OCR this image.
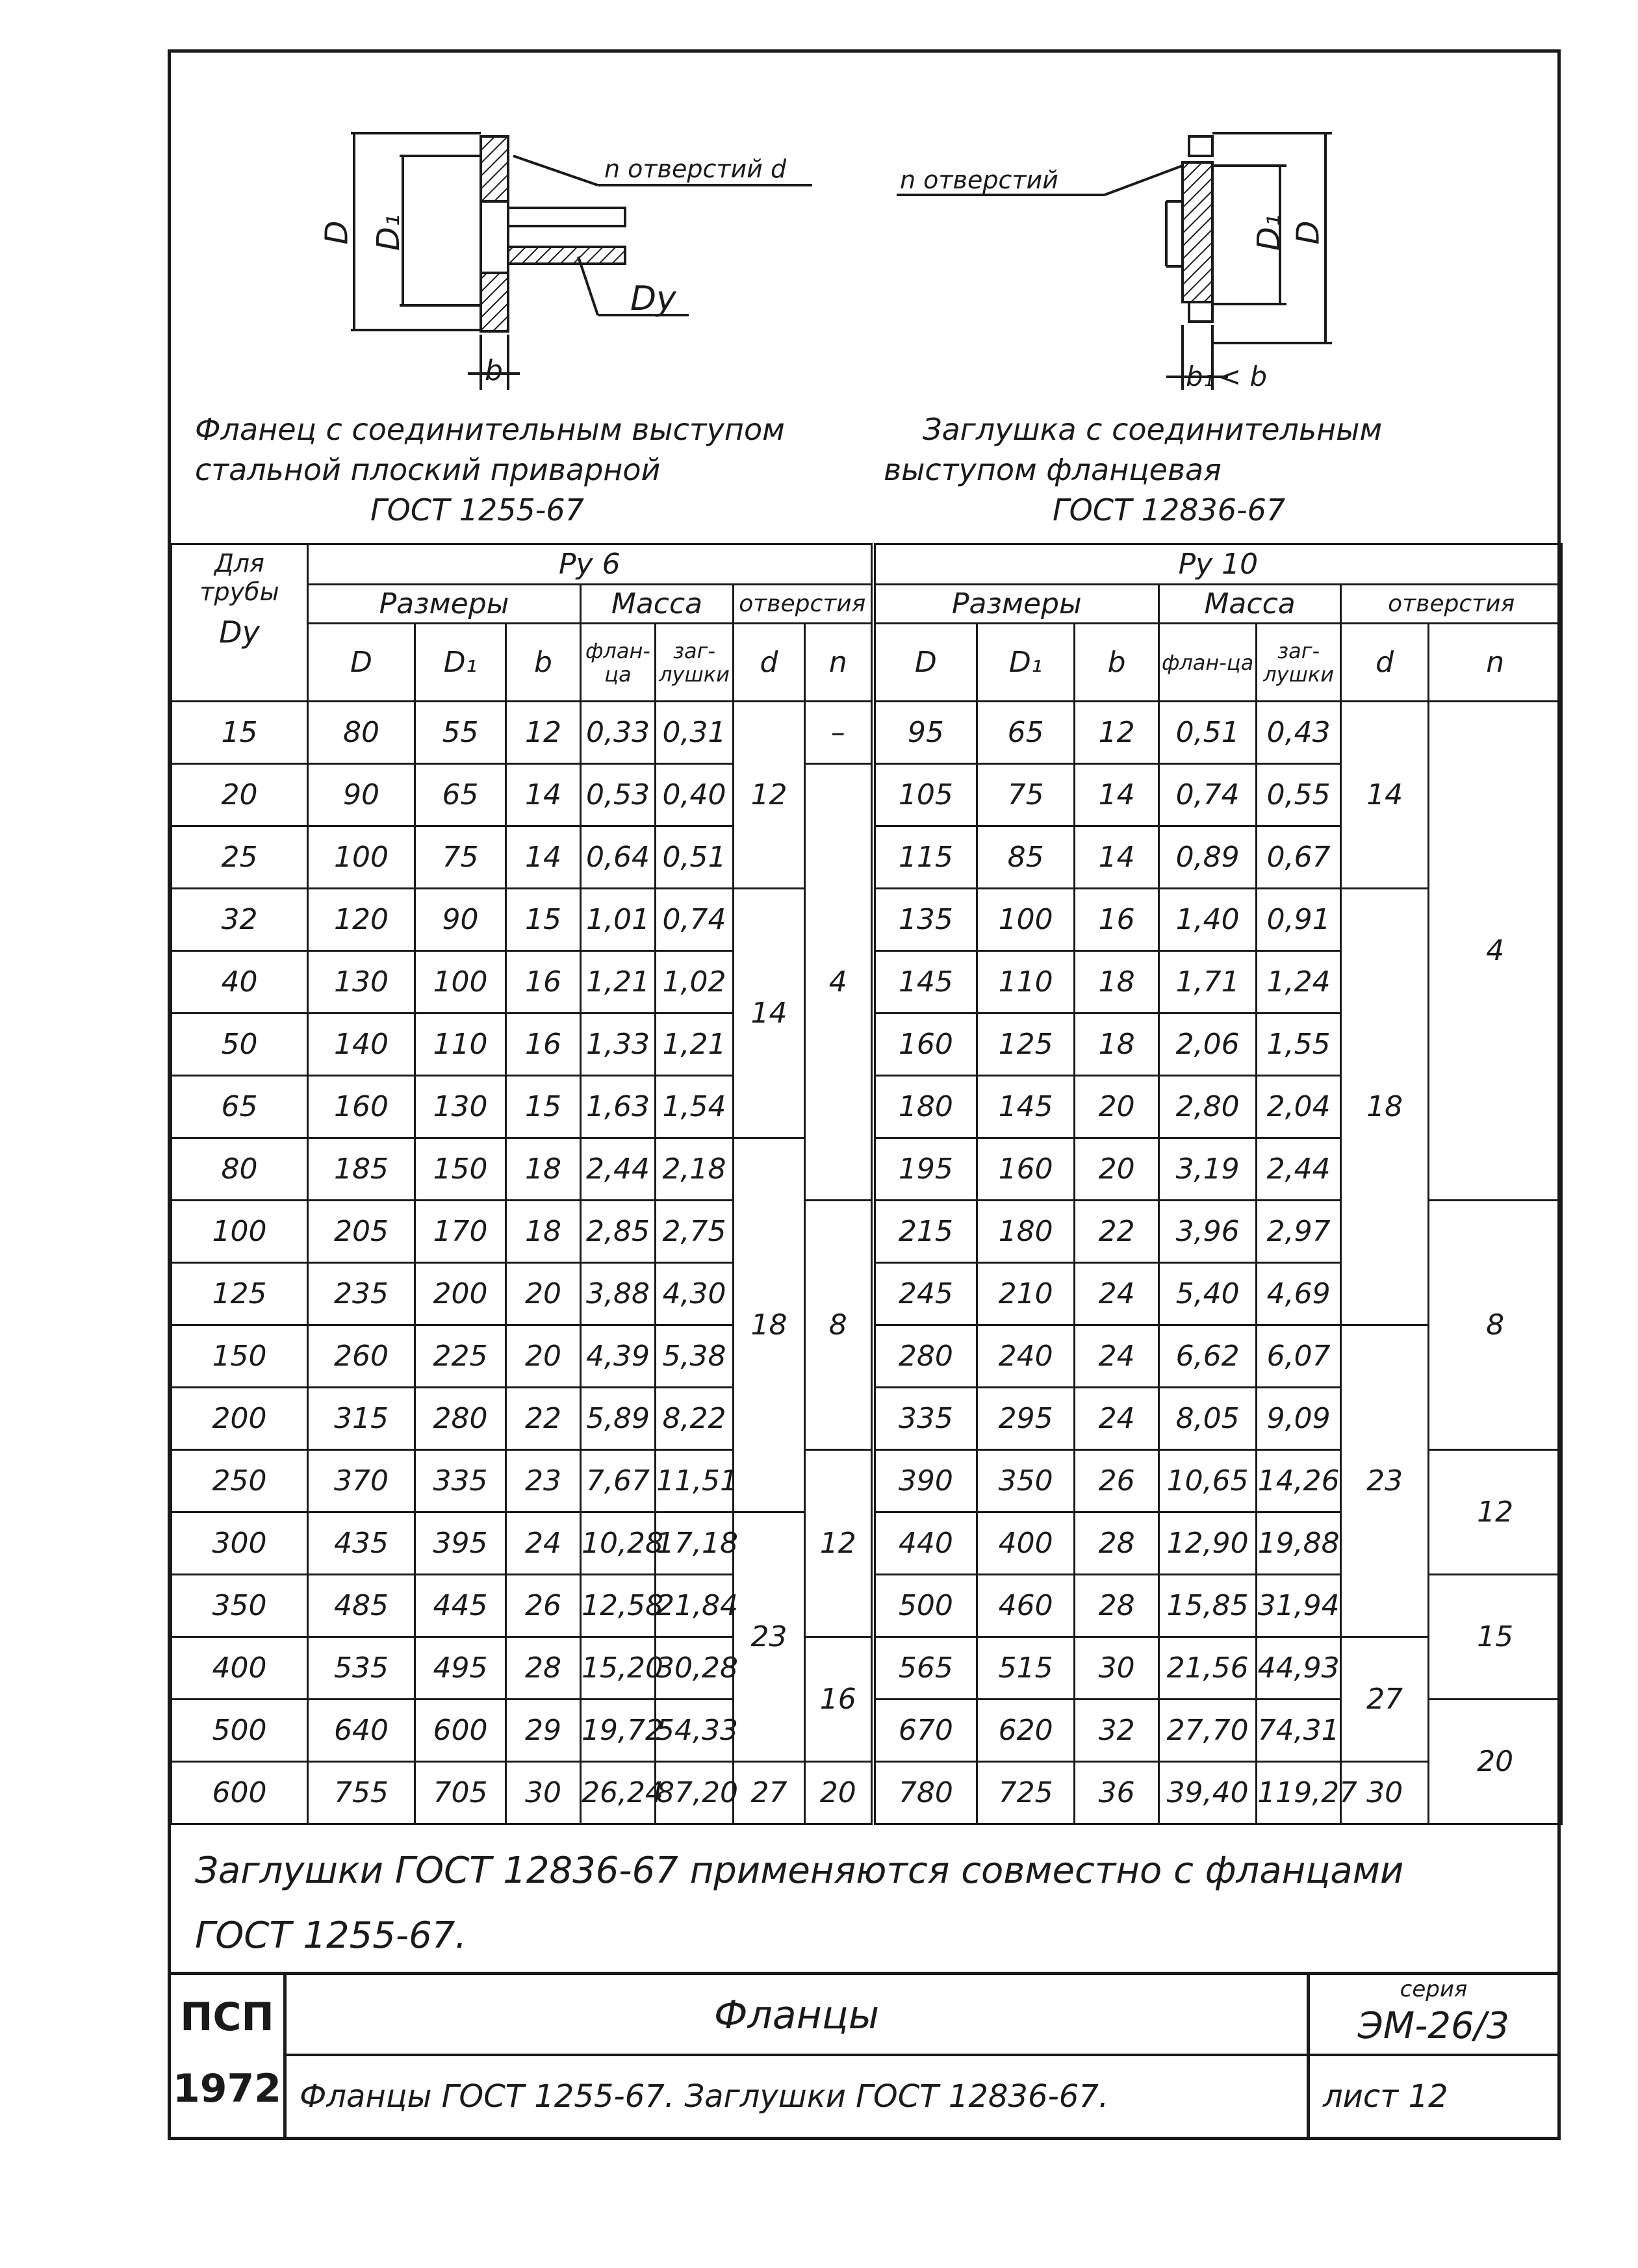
D D₁
n отверстий d
Dy
b
n отверстий
D₁ D
b₁ < b
Фланец с соединительным выступом
стальной плоский приварной
ГОСТ 1255-67
Заглушка с соединительным
выступом фланцевая
ГОСТ 12836-67
Для трубы
Dy	Pу 6							Pу 10						
	Размеры			Масса		отверстия		Размеры			Масса		отверстия	
	D	D₁	b	флан-ца	заг-лушки	d	n	D	D₁	b	флан-ца	заг-лушки	d	n
15	80	55	12	0,33	0,31	12	–	95	65	12	0,51	0,43	14	4
20	90	65	14	0,53	0,40		4	105	75	14	0,74	0,55		
25	100	75	14	0,64	0,51			115	85	14	0,89	0,67		
32	120	90	15	1,01	0,74	14		135	100	16	1,40	0,91	18	
40	130	100	16	1,21	1,02			145	110	18	1,71	1,24		
50	140	110	16	1,33	1,21			160	125	18	2,06	1,55		
65	160	130	15	1,63	1,54			180	145	20	2,80	2,04		
80	185	150	18	2,44	2,18	18		195	160	20	3,19	2,44		
100	205	170	18	2,85	2,75		8	215	180	22	3,96	2,97		8
125	235	200	20	3,88	4,30			245	210	24	5,40	4,69		
150	260	225	20	4,39	5,38			280	240	24	6,62	6,07	23	
200	315	280	22	5,89	8,22			335	295	24	8,05	9,09		
250	370	335	23	7,67	11,51		12	390	350	26	10,65	14,26		12
300	435	395	24	10,28	17,18	23		440	400	28	12,90	19,88		
350	485	445	26	12,58	21,84			500	460	28	15,85	31,94		15
400	535	495	28	15,20	30,28		16	565	515	30	21,56	44,93	27	
500	640	600	29	19,72	54,33			670	620	32	27,70	74,31		20
600	755	705	30	26,24	87,20	27	20	780	725	36	39,40	119,27	30	
Заглушки ГОСТ 12836-67 применяются совместно с фланцами
ГОСТ 1255-67.
ПСП
1972
Фланцы
Фланцы ГОСТ 1255-67. Заглушки ГОСТ 12836-67.
серия
ЭМ-26/3
лист 12
